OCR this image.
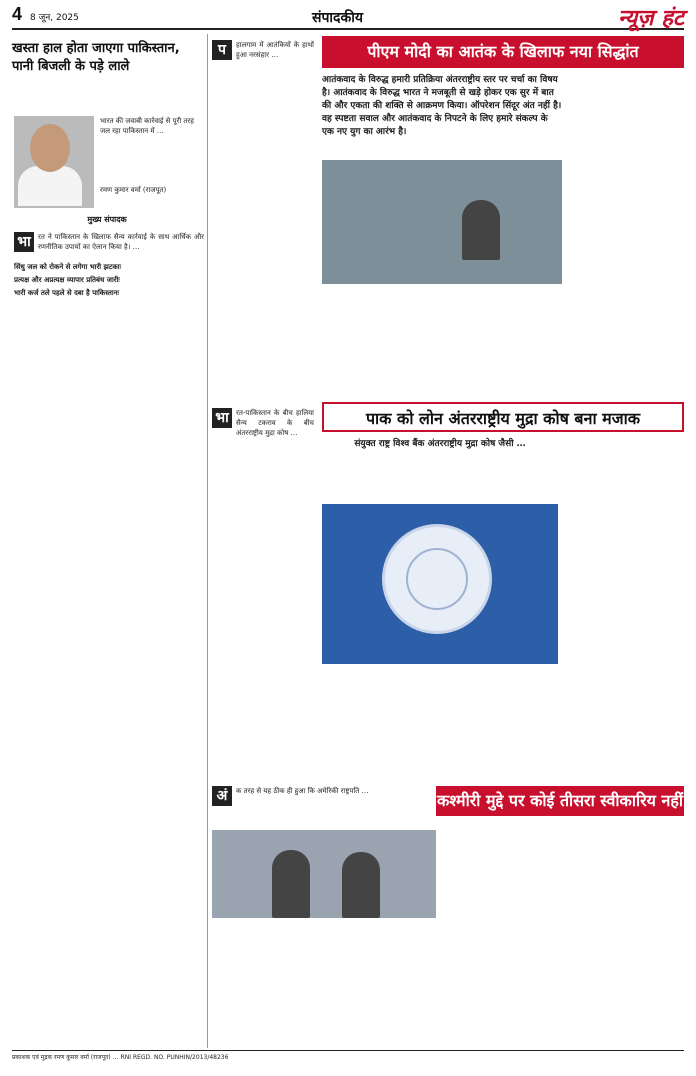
4 8 जून, 2025	संपादकीय	न्यूज़ हंट
खस्ता हाल होता जाएगा पाकिस्तान, पानी बिजली के पड़े लाले
भारत की जवाबी कार्रवाई से पूरी तरह जल रहा पाकिस्तान में …
रमण कुमार वर्मा (राजपूत)
मुख्य संपादक
भा	रत ने पाकिस्तान के खिलाफ सैन्य कार्रवाई के साथ आर्थिक और रणनीतिक उपायों का ऐलान किया है। …

सिंधु जल को रोकने से लगेगा भारी झटकाः

प्रत्यक्ष और अप्रत्यक्ष व्यापार प्रतिबंध जारीः

भारी कर्ज तले पहले से दबा है पाकिस्तानः

प	हालगाम में आतंकियों के हाथों हुआ नरसंहार …	पीएम मोदी का आतंक के खिलाफ नया सिद्धांत
आतंकवाद के विरुद्ध हमारी प्रतिक्रिया अंतरराष्ट्रीय स्तर पर चर्चा का विषय है। आतंकवाद के विरुद्ध भारत ने मजबूती से खड़े होकर एक सुर में बात की और एकता की शक्ति से आक्रमण किया। ऑपरेशन सिंदूर अंत नहीं है। वह स्पष्टता सवाल और आतंकवाद के निपटने के लिए हमारे संकल्प के एक नए युग का आरंभ है।
भा	रत-पाकिस्तान के बीच हालिया सैन्य टकराव के बीच अंतरराष्ट्रीय मुद्रा कोष …
पाक को लोन अंतरराष्ट्रीय मुद्रा कोष बना मजाक
संयुक्त राष्ट्र विश्व बैंक अंतरराष्ट्रीय मुद्रा कोष जैसी …
अं	क तरह से यह ठीक ही हुआ कि अमेरिकी राष्ट्रपति …	कश्मीरी मुद्दे पर कोई तीसरा स्वीकारिय नहीं
प्रकाशक एवं मुद्रक रमण कुमार वर्मा (राजपूत) … RNI REGD. NO. PUNHIN/2013/48236
